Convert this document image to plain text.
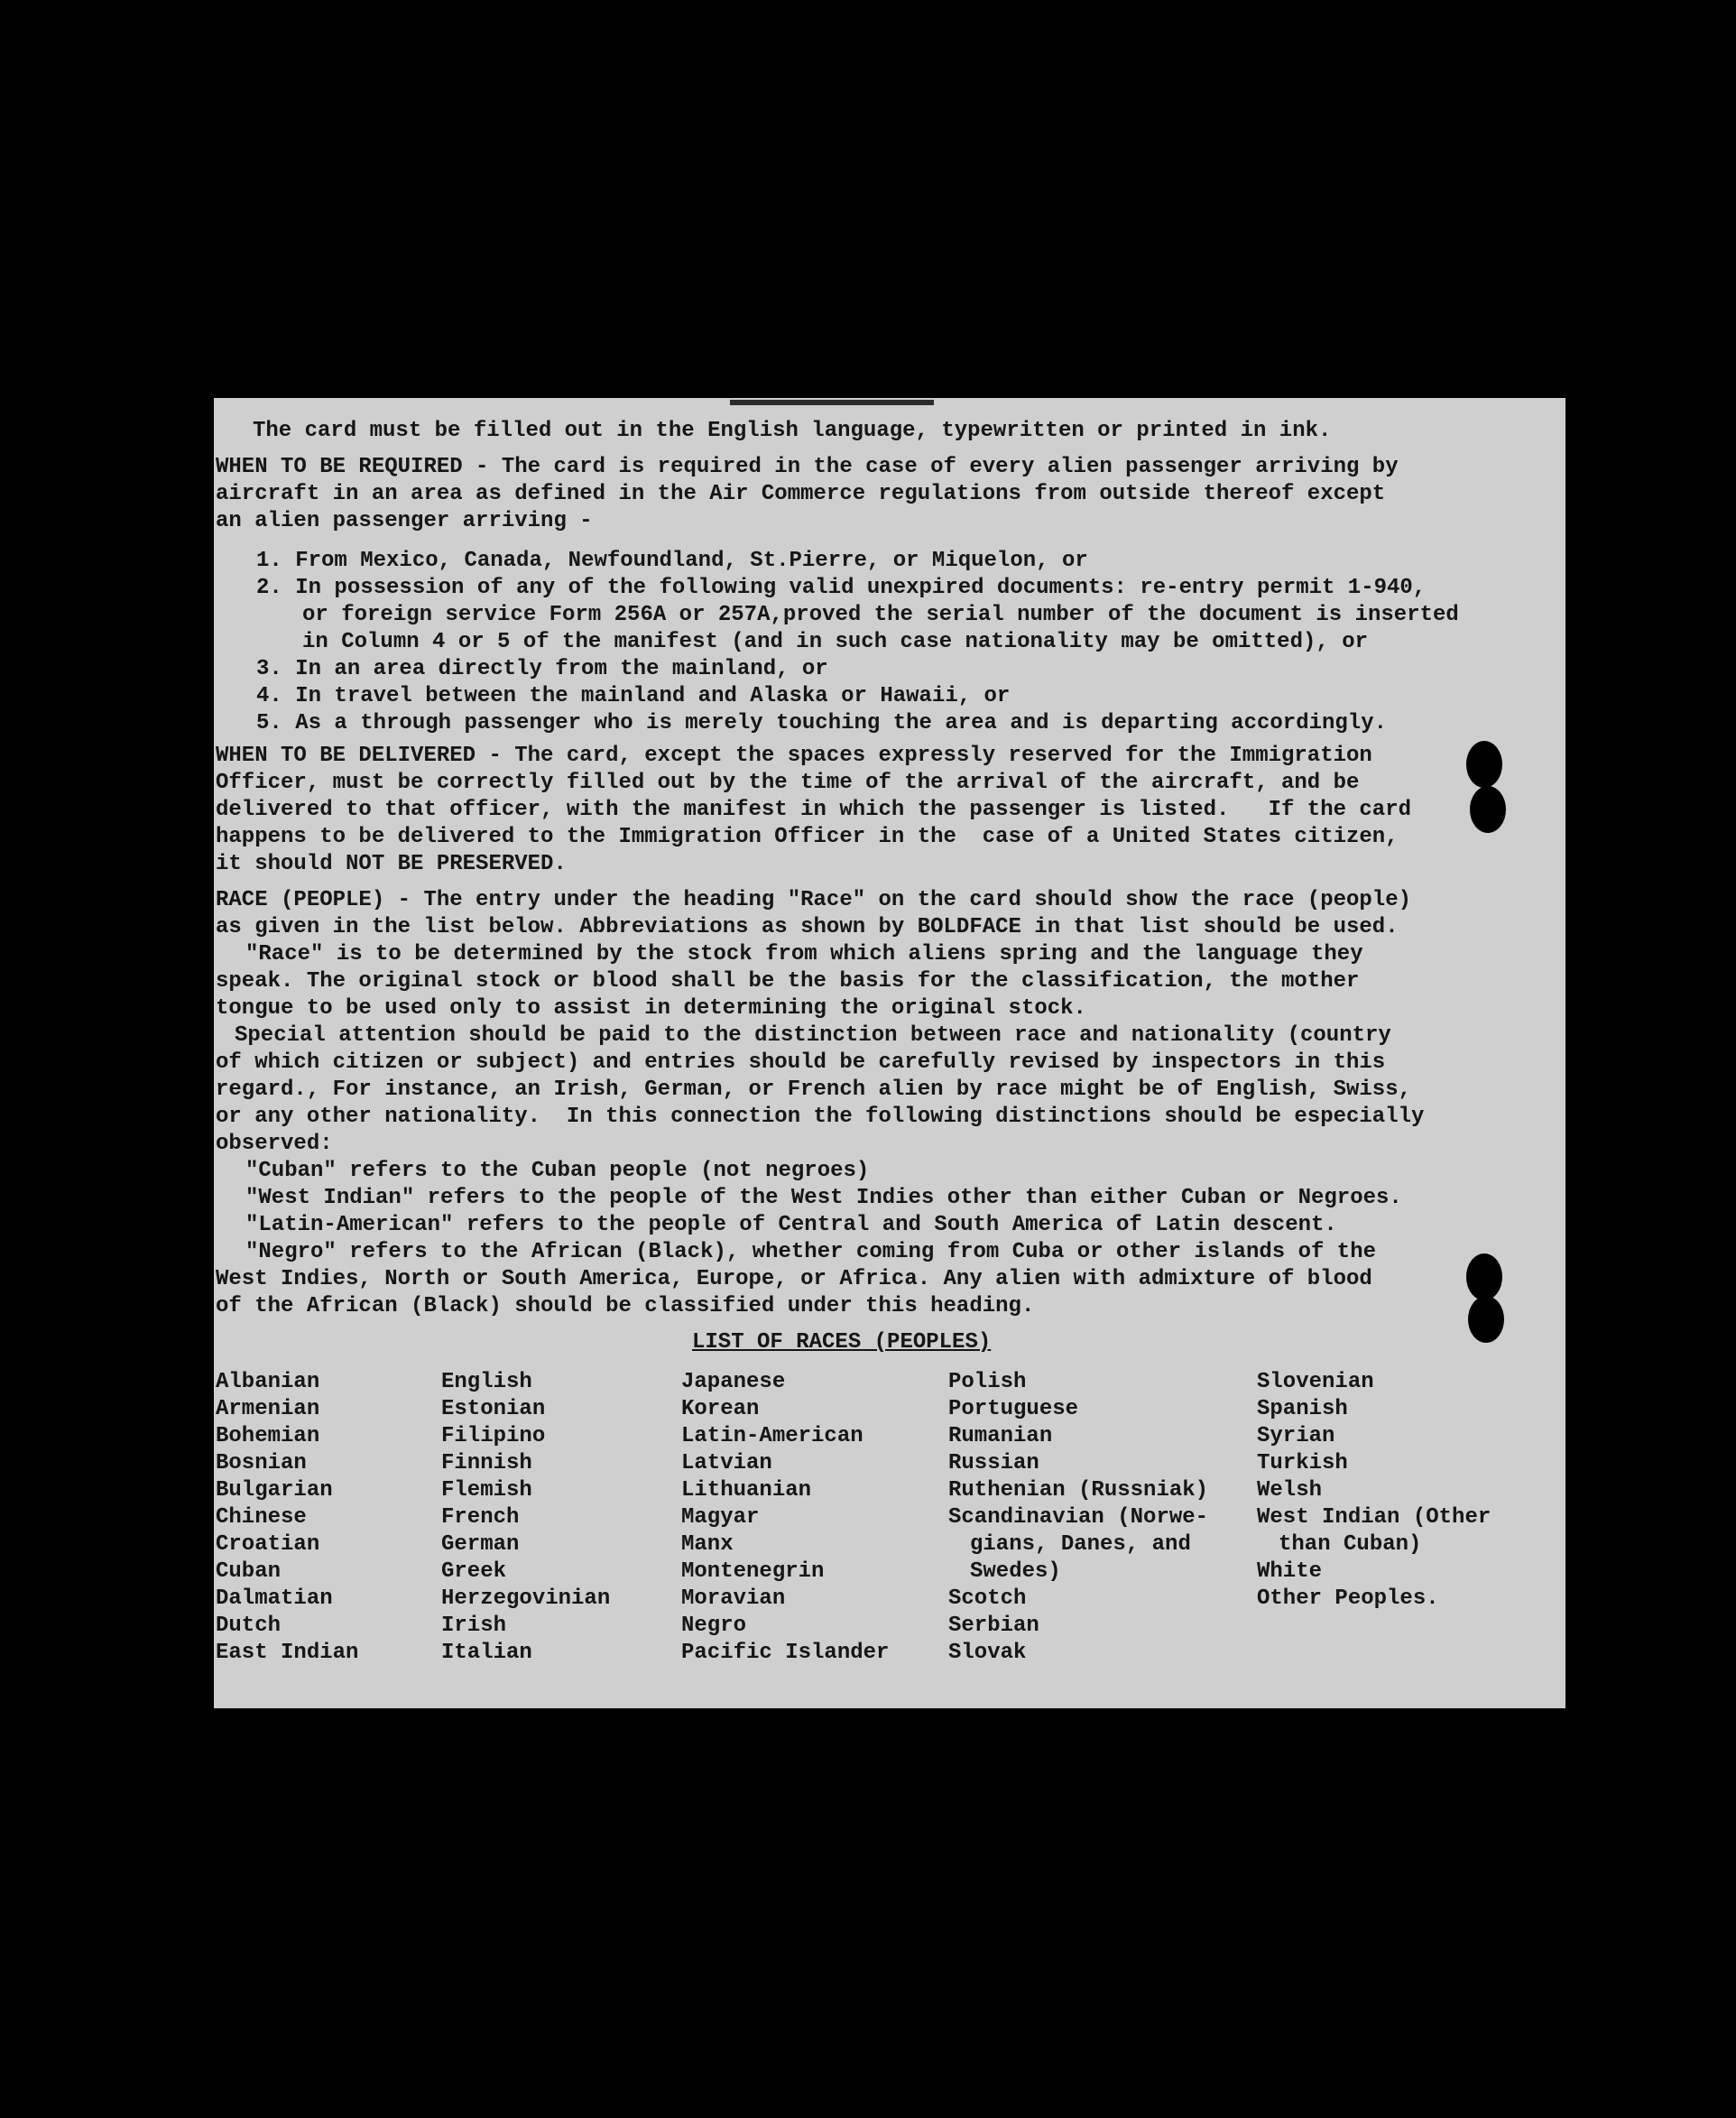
The card must be filled out in the English language, typewritten or printed in ink.
WHEN TO BE REQUIRED - The card is required in the case of every alien passenger arriving by
aircraft in an area as defined in the Air Commerce regulations from outside thereof except
an alien passenger arriving -
1. From Mexico, Canada, Newfoundland, St.Pierre, or Miquelon, or
2. In possession of any of the following valid unexpired documents: re-entry permit 1-940,
or foreign service Form 256A or 257A,proved the serial number of the document is inserted
in Column 4 or 5 of the manifest (and in such case nationality may be omitted), or
3. In an area directly from the mainland, or
4. In travel between the mainland and Alaska or Hawaii, or
5. As a through passenger who is merely touching the area and is departing accordingly.
WHEN TO BE DELIVERED - The card, except the spaces expressly reserved for the Immigration
Officer, must be correctly filled out by the time of the arrival of the aircraft, and be
delivered to that officer, with the manifest in which the passenger is listed.   If the card
happens to be delivered to the Immigration Officer in the  case of a United States citizen,
it should NOT BE PRESERVED.
RACE (PEOPLE) - The entry under the heading "Race" on the card should show the race (people)
as given in the list below. Abbreviations as shown by BOLDFACE in that list should be used.
"Race" is to be determined by the stock from which aliens spring and the language they
speak. The original stock or blood shall be the basis for the classification, the mother
tongue to be used only to assist in determining the original stock.
Special attention should be paid to the distinction between race and nationality (country
of which citizen or subject) and entries should be carefully revised by inspectors in this
regard., For instance, an Irish, German, or French alien by race might be of English, Swiss,
or any other nationality.  In this connection the following distinctions should be especially
observed:
"Cuban" refers to the Cuban people (not negroes)
"West Indian" refers to the people of the West Indies other than either Cuban or Negroes.
"Latin-American" refers to the people of Central and South America of Latin descent.
"Negro" refers to the African (Black), whether coming from Cuba or other islands of the
West Indies, North or South America, Europe, or Africa. Any alien with admixture of blood
of the African (Black) should be classified under this heading.
LIST OF RACES (PEOPLES)
Albanian
Armenian
Bohemian
Bosnian
Bulgarian
Chinese
Croatian
Cuban
Dalmatian
Dutch
East Indian
English
Estonian
Filipino
Finnish
Flemish
French
German
Greek
Herzegovinian
Irish
Italian
Japanese
Korean
Latin-American
Latvian
Lithuanian
Magyar
Manx
Montenegrin
Moravian
Negro
Pacific Islander
Polish
Portuguese
Rumanian
Russian
Ruthenian (Russniak)
Scandinavian (Norwe-
gians, Danes, and
Swedes)
Scotch
Serbian
Slovak
Slovenian
Spanish
Syrian
Turkish
Welsh
West Indian (Other
than Cuban)
White
Other Peoples.
